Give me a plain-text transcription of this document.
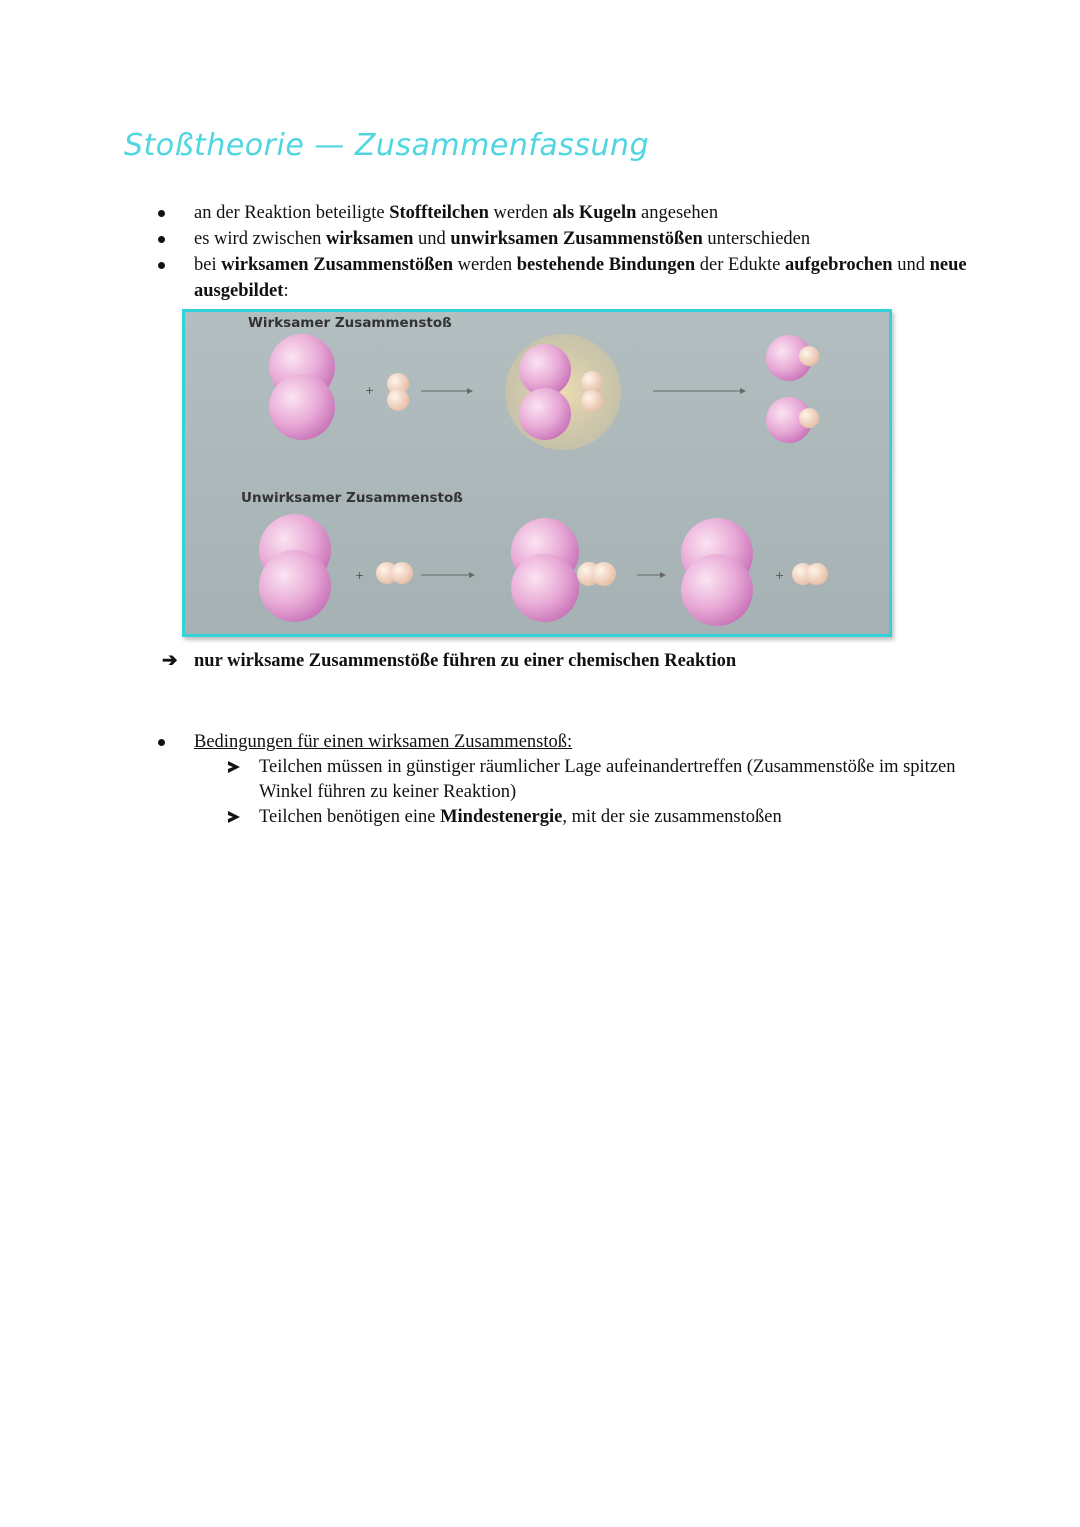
Stoßtheorie — Zusammenfassung
an der Reaktion beteiligte Stoffteilchen werden als Kugeln angesehen
es wird zwischen wirksamen und unwirksamen Zusammenstößen unterschieden
bei wirksamen Zusammenstößen werden bestehende Bindungen der Edukte aufgebrochen und neue ausgebildet:
+
+	+
Wirksamer Zusammenstoß
Unwirksamer Zusammenstoß
➔ nur wirksame Zusammenstöße führen zu einer chemischen Reaktion
Bedingungen für einen wirksamen Zusammenstoß:
Teilchen müssen in günstiger räumlicher Lage aufeinandertreffen (Zusammenstöße im spitzen Winkel führen zu keiner Reaktion)
Teilchen benötigen eine Mindestenergie, mit der sie zusammenstoßen
